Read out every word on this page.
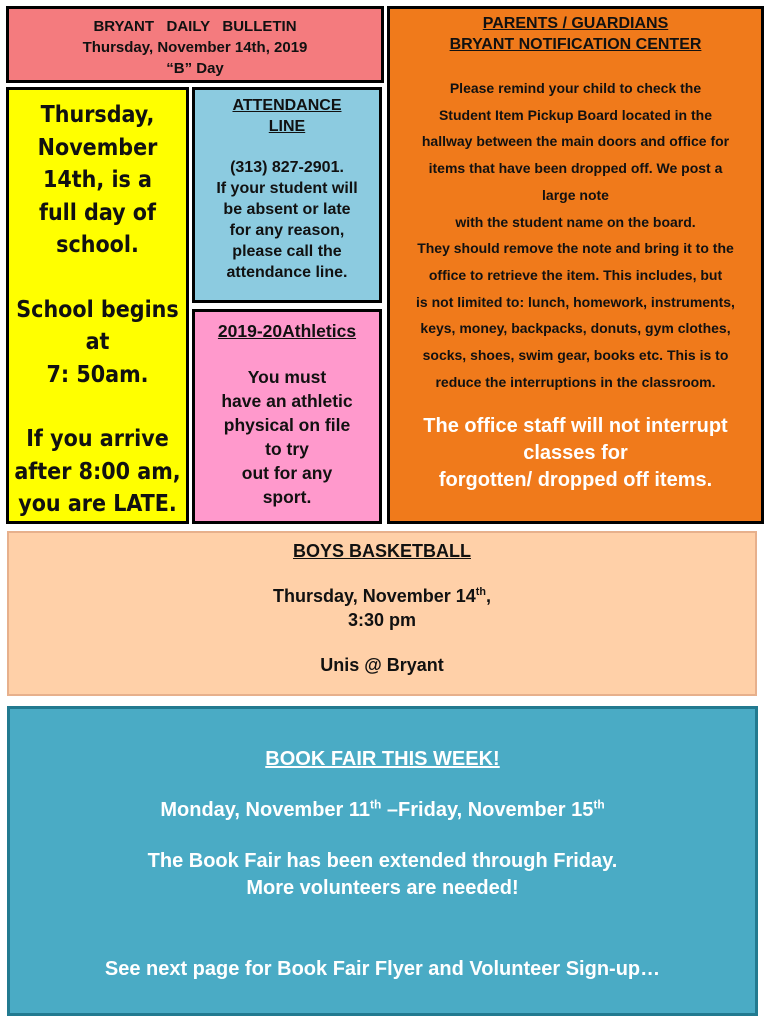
BRYANT   DAILY   BULLETIN

Thursday, November 14th, 2019

“B” Day

Thursday,

November

14th, is a

full day of

school.

School begins

at

7: 50am.

If you arrive

after 8:00 am,

you are LATE.

ATTENDANCE

LINE

(313) 827-2901.

If your student will

be absent or late

for any reason,

please call the

attendance line.

2019-20Athletics

You must

have an athletic

physical on file

to try

out for any

sport.

PARENTS / GUARDIANS

BRYANT NOTIFICATION CENTER

Please remind your child to check the

Student Item Pickup Board located in the

hallway between the main doors and office for

items that have been dropped off. We post a

large note

with the student name on the board.

They should remove the note and bring it to the

office to retrieve the item. This includes, but

is not limited to: lunch, homework, instruments,

keys, money, backpacks, donuts, gym clothes,

socks, shoes, swim gear, books etc. This is to

reduce the interruptions in the classroom.

The office staff will not interrupt

classes for

forgotten/ dropped off items.

BOYS BASKETBALL

Thursday, November 14th,

3:30 pm

Unis @ Bryant

BOOK FAIR THIS WEEK!

Monday, November 11th –Friday, November 15th

The Book Fair has been extended through Friday.

More volunteers are needed!

See next page for Book Fair Flyer and Volunteer Sign-up…
